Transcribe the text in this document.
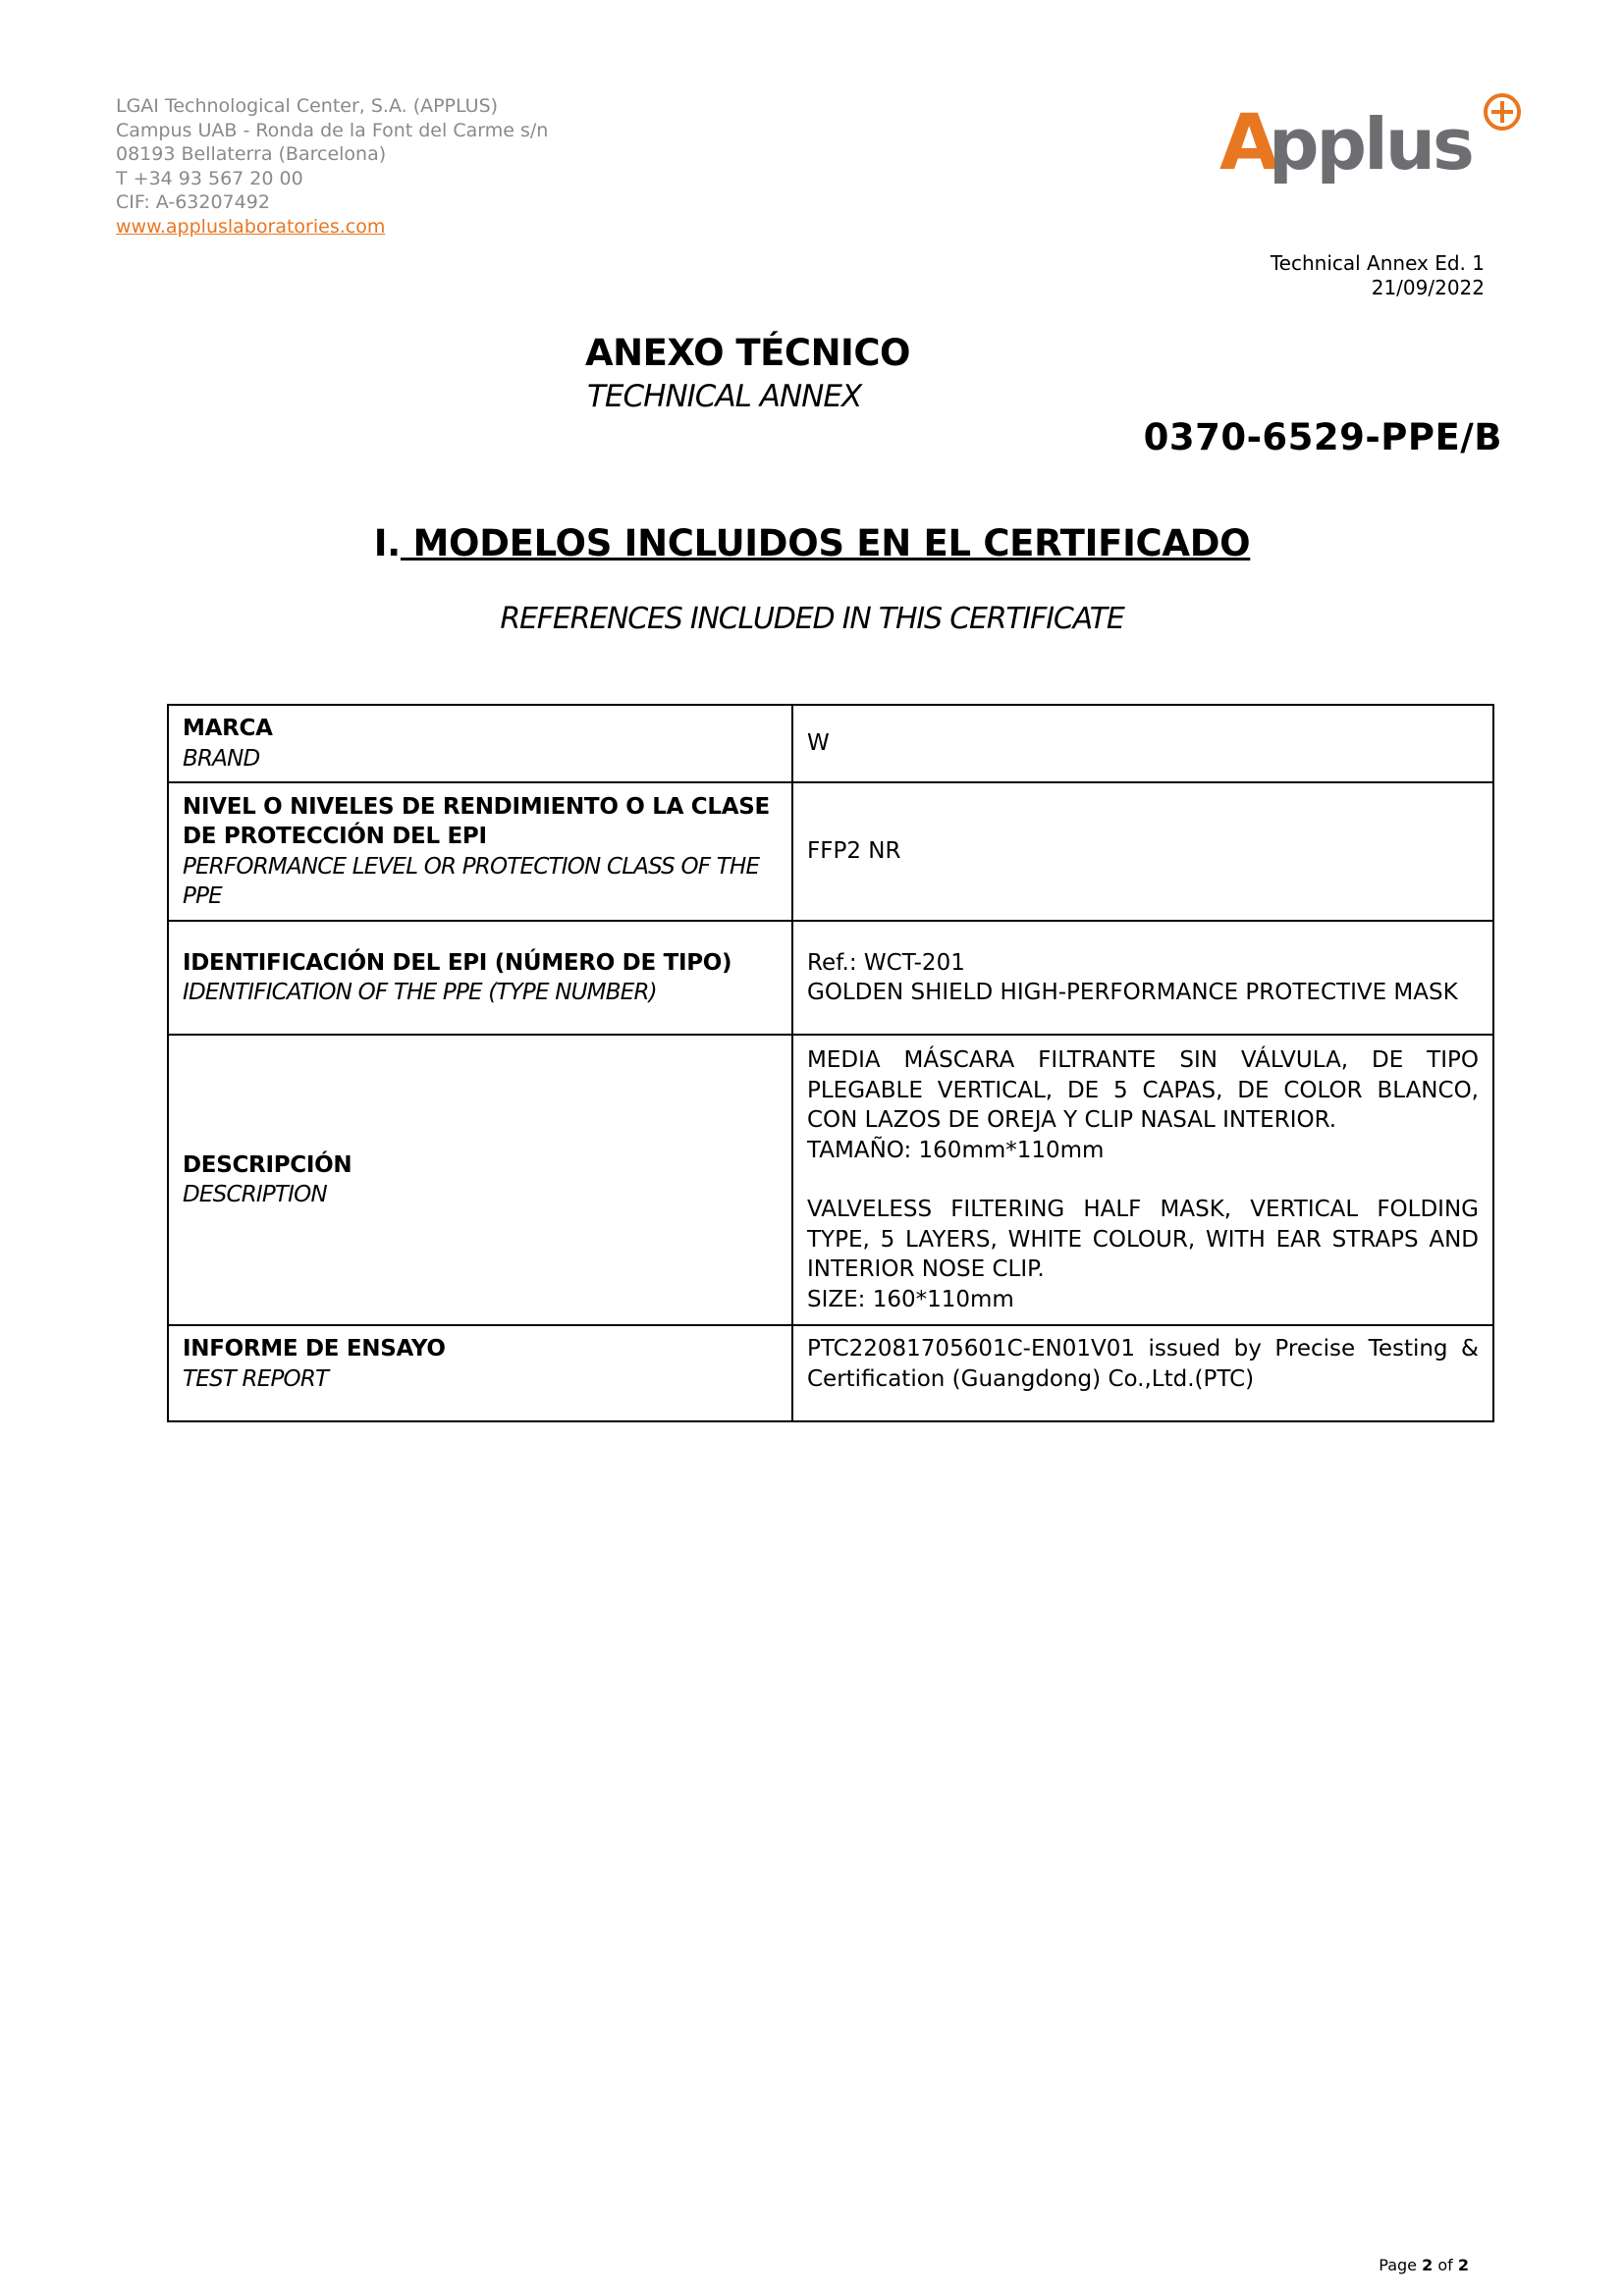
LGAI Technological Center, S.A. (APPLUS)
Campus UAB - Ronda de la Font del Carme s/n
08193 Bellaterra (Barcelona)
T +34 93 567 20 00
CIF: A-63207492
www.appluslaboratories.com
A
pplus
Technical Annex Ed. 1
21/09/2022
ANEXO TÉCNICO
TECHNICAL ANNEX
0370-6529-PPE/B
I. MODELOS INCLUIDOS EN EL CERTIFICADO
REFERENCES INCLUDED IN THIS CERTIFICATE
MARCA
BRAND	W

NIVEL O NIVELES DE RENDIMIENTO O LA CLASE DE PROTECCIÓN DEL EPI
PERFORMANCE LEVEL OR PROTECTION CLASS OF THE PPE	FFP2 NR

IDENTIFICACIÓN DEL EPI (NÚMERO DE TIPO)
IDENTIFICATION OF THE PPE (TYPE NUMBER)	Ref.: WCT-201
GOLDEN SHIELD HIGH-PERFORMANCE PROTECTIVE MASK

DESCRIPCIÓN
DESCRIPTION	MEDIA MÁSCARA FILTRANTE SIN VÁLVULA, DE TIPO PLEGABLE VERTICAL, DE 5 CAPAS, DE COLOR BLANCO, CON LAZOS DE OREJA Y CLIP NASAL INTERIOR.
TAMAÑO: 160mm*110mm
VALVELESS FILTERING HALF MASK, VERTICAL FOLDING TYPE, 5 LAYERS, WHITE COLOUR, WITH EAR STRAPS AND INTERIOR NOSE CLIP.
SIZE: 160*110mm

INFORME DE ENSAYO
TEST REPORT	PTC22081705601C-EN01V01 issued by Precise Testing & Certification (Guangdong) Co.,Ltd.(PTC)
Page 2 of 2
